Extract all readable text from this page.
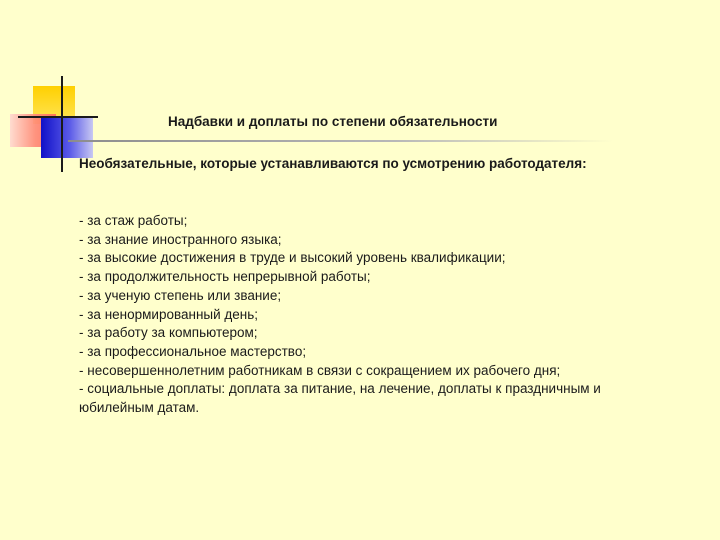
Надбавки и доплаты по степени обязательности
Необязательные, которые устанавливаются по усмотрению работодателя:
- за стаж работы;
- за знание иностранного языка;
- за высокие достижения в труде и высокий уровень квалификации;
- за продолжительность непрерывной работы;
- за ученую степень или звание;
- за ненормированный день;
- за работу за компьютером;
- за профессиональное мастерство;
- несовершеннолетним работникам в связи с сокращением их рабочего дня;
- социальные доплаты: доплата за питание, на лечение, доплаты к праздничным и юбилейным датам.
